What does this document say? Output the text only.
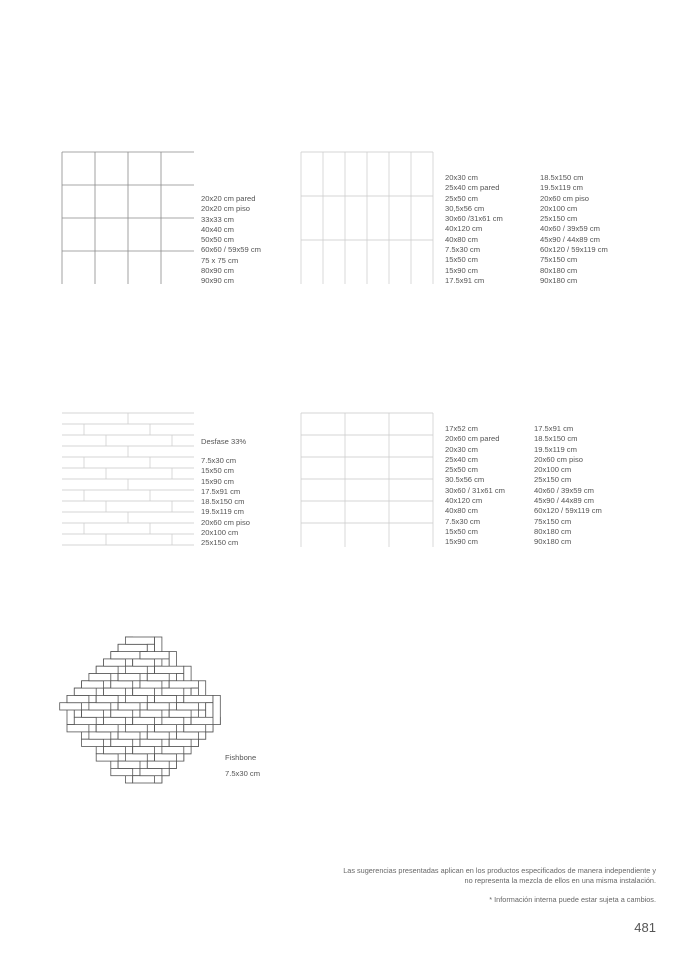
20x20 cm pared
20x20 cm piso
33x33 cm
40x40 cm
50x50 cm
60x60 / 59x59 cm
75 x 75 cm
80x90 cm
90x90 cm
20x30 cm
25x40 cm pared
25x50 cm
30,5x56 cm
30x60 /31x61 cm
40x120 cm
40x80 cm
7.5x30 cm
15x50 cm
15x90 cm
17.5x91 cm
18.5x150 cm
19.5x119 cm
20x60 cm piso
20x100 cm
25x150 cm
40x60 / 39x59 cm
45x90 / 44x89 cm
60x120 / 59x119 cm
75x150 cm
80x180 cm
90x180 cm
Desfase 33%
7.5x30 cm
15x50 cm
15x90 cm
17.5x91 cm
18.5x150 cm
19.5x119 cm
20x60 cm piso
20x100 cm
25x150 cm
17x52 cm
20x60 cm pared
20x30 cm
25x40 cm
25x50 cm
30.5x56 cm
30x60 / 31x61 cm
40x120 cm
40x80 cm
7.5x30 cm
15x50 cm
15x90 cm
17.5x91 cm
18.5x150 cm
19.5x119 cm
20x60 cm piso
20x100 cm
25x150 cm
40x60 / 39x59 cm
45x90 / 44x89 cm
60x120 / 59x119 cm
75x150 cm
80x180 cm
90x180 cm
Fishbone
7.5x30 cm
Las sugerencias presentadas aplican en los productos especificados de manera independiente y
no representa la mezcla de ellos en una misma instalación.
* Información interna puede estar sujeta a cambios.
481
